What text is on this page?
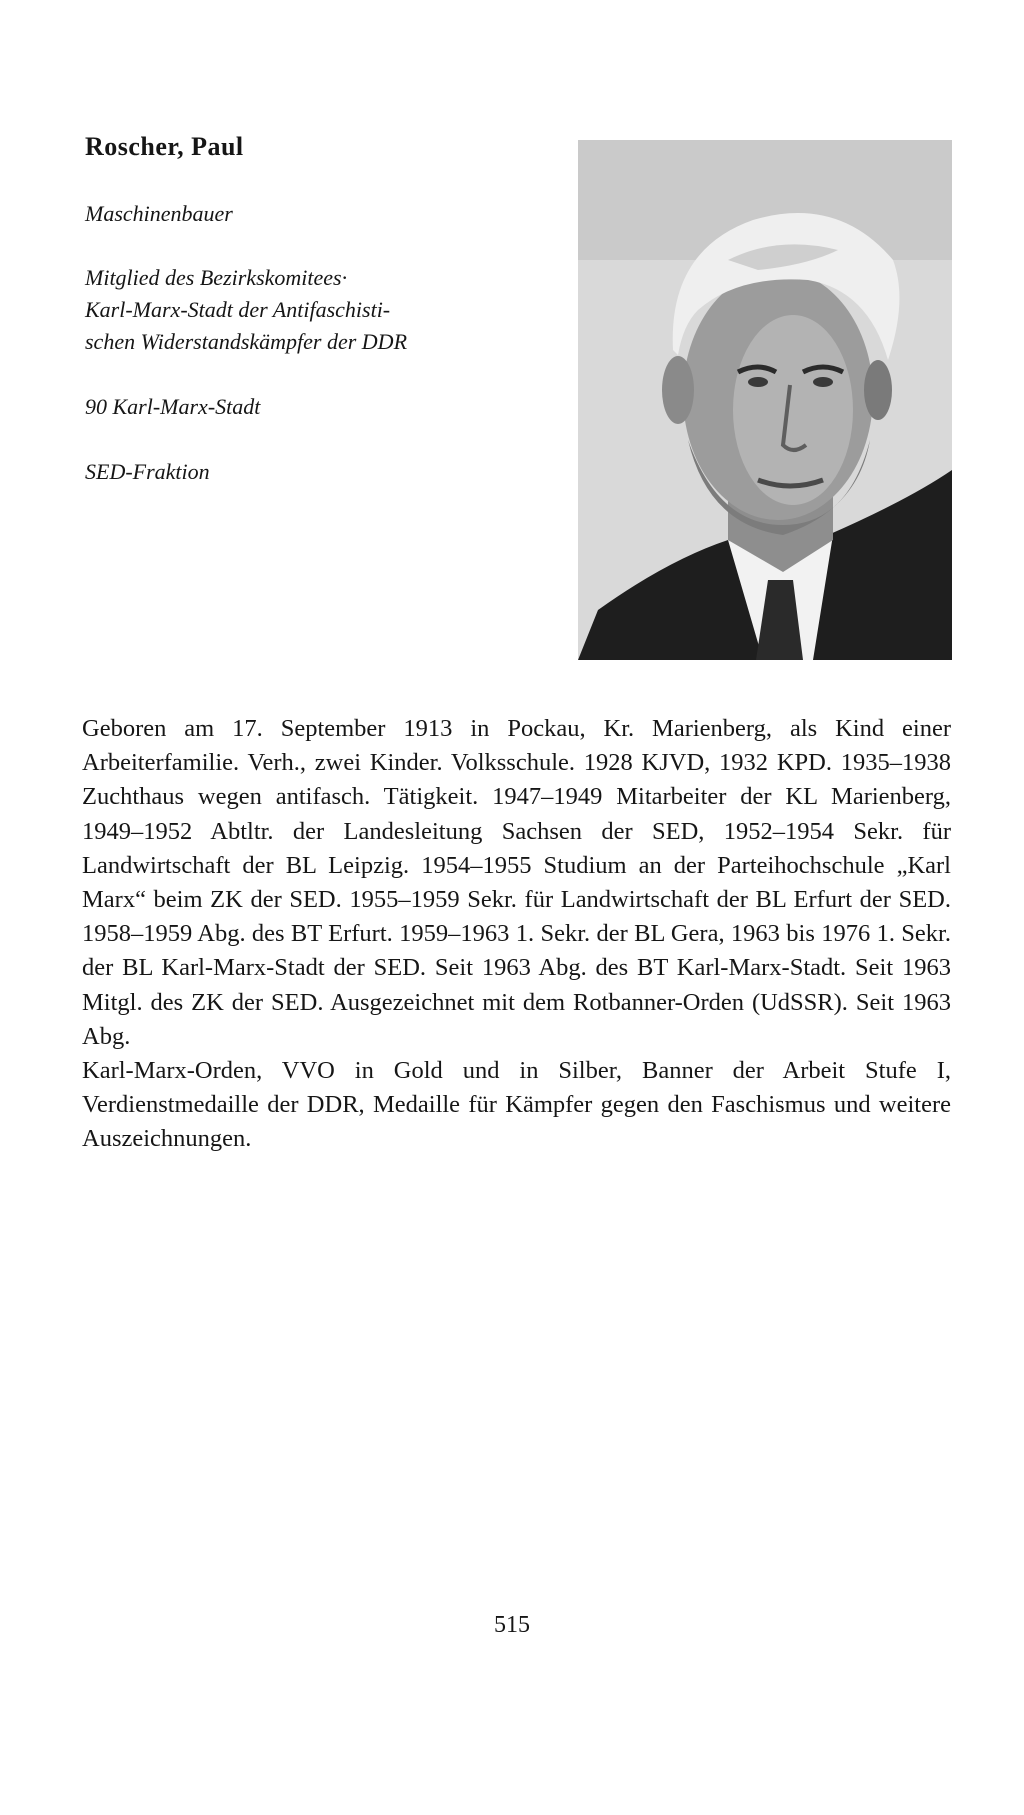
Roscher, Paul
Maschinenbauer
Mitglied des Bezirkskomitees·
Karl-Marx-Stadt der Antifaschisti-
schen Widerstandskämpfer der DDR
90 Karl-Marx-Stadt
SED-Fraktion

Geboren am 17. September 1913 in Pockau, Kr. Marienberg, als Kind einer Arbeiterfamilie. Verh., zwei Kinder. Volksschule. 1928 KJVD, 1932 KPD. 1935–1938 Zuchthaus wegen antifasch. Tätigkeit. 1947–1949 Mitarbeiter der KL Marienberg, 1949–1952 Abtltr. der Landesleitung Sachsen der SED, 1952–1954 Sekr. für Landwirtschaft der BL Leipzig. 1954–1955 Studium an der Parteihochschule „Karl Marx“ beim ZK der SED. 1955–1959 Sekr. für Landwirtschaft der BL Erfurt der SED. 1958–1959 Abg. des BT Erfurt. 1959–1963 1. Sekr. der BL Gera, 1963 bis 1976 1. Sekr. der BL Karl-Marx-Stadt der SED. Seit 1963 Abg. des BT Karl-Marx-Stadt. Seit 1963 Mitgl. des ZK der SED. Ausgezeichnet mit dem Rotbanner-Orden (UdSSR). Seit 1963 Abg.

Karl-Marx-Orden, VVO in Gold und in Silber, Banner der Arbeit Stufe I, Verdienstmedaille der DDR, Medaille für Kämpfer gegen den Faschismus und weitere Auszeichnungen.

515
